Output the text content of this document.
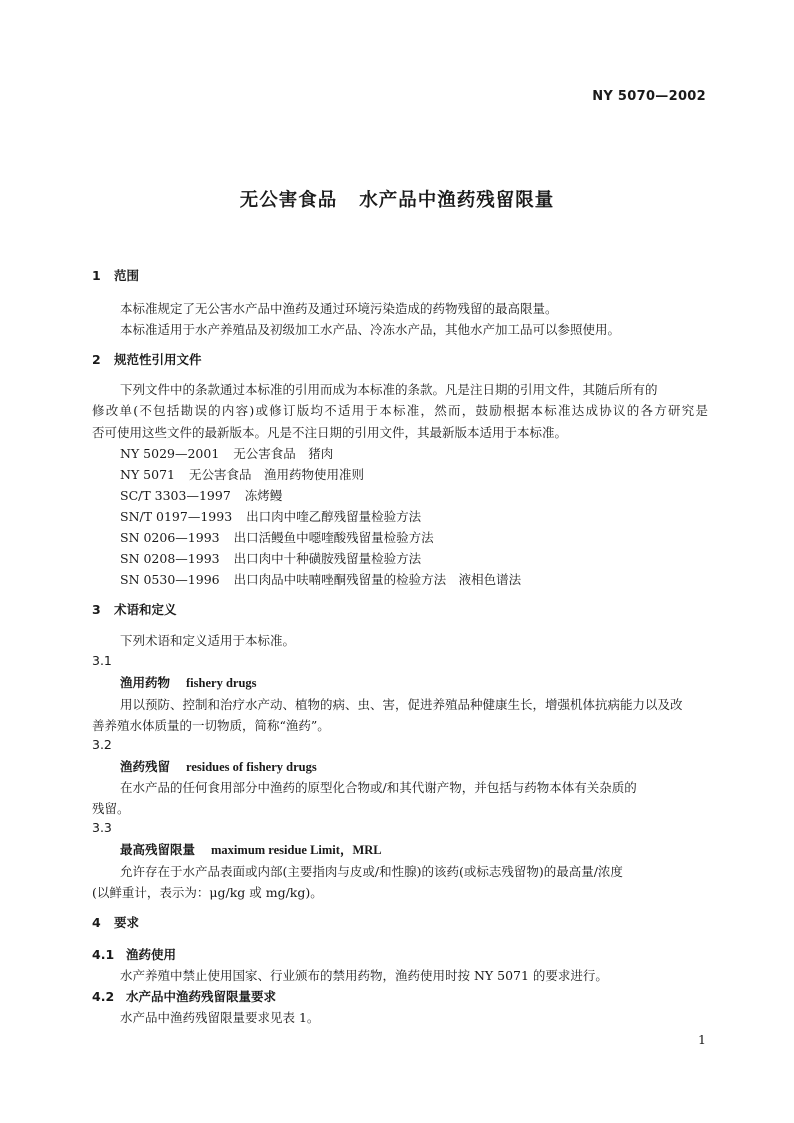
NY 5070—2002
无公害食品 水产品中渔药残留限量
1 范围
本标准规定了无公害水产品中渔药及通过环境污染造成的药物残留的最高限量。
本标准适用于水产养殖品及初级加工水产品、冷冻水产品，其他水产加工品可以参照使用。
2 规范性引用文件
下列文件中的条款通过本标准的引用而成为本标准的条款。凡是注日期的引用文件，其随后所有的
修改单(不包括勘误的内容)或修订版均不适用于本标准，然而，鼓励根据本标准达成协议的各方研究是
否可使用这些文件的最新版本。凡是不注日期的引用文件，其最新版本适用于本标准。
NY 5029—2001 无公害食品　猪肉
NY 5071 无公害食品　渔用药物使用准则
SC/T 3303—1997 冻烤鳗
SN/T 0197—1993 出口肉中喹乙醇残留量检验方法
SN 0206—1993 出口活鳗鱼中噁喹酸残留量检验方法
SN 0208—1993 出口肉中十种磺胺残留量检验方法
SN 0530—1996 出口肉品中呋喃唑酮残留量的检验方法　液相色谱法
3 术语和定义
下列术语和定义适用于本标准。
3.1
渔用药物 fishery drugs
用以预防、控制和治疗水产动、植物的病、虫、害，促进养殖品种健康生长，增强机体抗病能力以及改
善养殖水体质量的一切物质，简称“渔药”。
3.2
渔药残留 residues of fishery drugs
在水产品的任何食用部分中渔药的原型化合物或/和其代谢产物，并包括与药物本体有关杂质的
残留。
3.3
最高残留限量 maximum residue Limit，MRL
允许存在于水产品表面或内部(主要指肉与皮或/和性腺)的该药(或标志残留物)的最高量/浓度
(以鲜重计，表示为：μg/kg 或 mg/kg)。
4 要求
4.1 渔药使用
水产养殖中禁止使用国家、行业颁布的禁用药物，渔药使用时按 NY 5071 的要求进行。
4.2 水产品中渔药残留限量要求
水产品中渔药残留限量要求见表 1。
1
